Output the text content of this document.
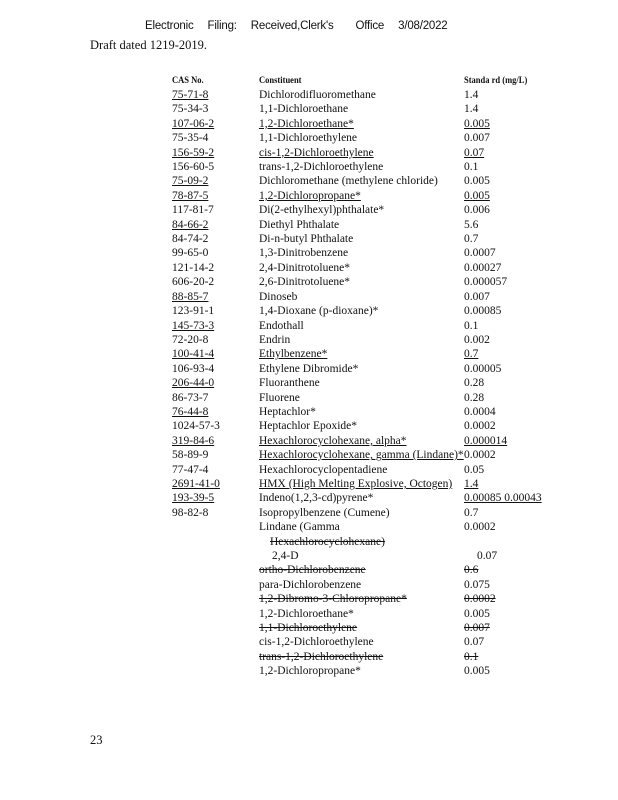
Electronic Filing: Received,Clerk's Office 3/08/2022
Draft dated 1219-2019.
CAS No.	Constituent	Standa rd (mg/L)
75-71-8	Dichlorodifluoromethane	1.4
75-34-3	1,1-Dichloroethane	1.4
107-06-2	1,2-Dichloroethane*	0.005
75-35-4	1,1-Dichloroethylene	0.007
156-59-2	cis-1,2-Dichloroethylene	0.07
156-60-5	trans-1,2-Dichloroethylene	0.1
75-09-2	Dichloromethane (methylene chloride)	0.005
78-87-5	1,2-Dichloropropane*	0.005
117-81-7	Di(2-ethylhexyl)phthalate*	0.006
84-66-2	Diethyl Phthalate	5.6
84-74-2	Di-n-butyl Phthalate	0.7
99-65-0	1,3-Dinitrobenzene	0.0007
121-14-2	2,4-Dinitrotoluene*	0.00027
606-20-2	2,6-Dinitrotoluene*	0.000057
88-85-7	Dinoseb	0.007
123-91-1	1,4-Dioxane (p-dioxane)*	0.00085
145-73-3	Endothall	0.1
72-20-8	Endrin	0.002
100-41-4	Ethylbenzene*	0.7
106-93-4	Ethylene Dibromide*	0.00005
206-44-0	Fluoranthene	0.28
86-73-7	Fluorene	0.28
76-44-8	Heptachlor*	0.0004
1024-57-3	Heptachlor Epoxide*	0.0002
319-84-6	Hexachlorocyclohexane, alpha*	0.000014
58-89-9	Hexachlorocyclohexane, gamma (Lindane)* 0.0002
77-47-4	Hexachlorocyclopentadiene	0.05
2691-41-0	HMX (High Melting Explosive, Octogen)	1.4
193-39-5	Indeno(1,2,3-cd)pyrene*	0.00085 0.00043
98-82-8	Isopropylbenzene (Cumene)	0.7
Lindane (Gamma	0.0002
Hexachlorocyclohexane)
2,4-D	0.07
ortho-Dichlorobenzene	0.6
para-Dichlorobenzene	0.075
1,2-Dibromo-3-Chloropropane*	0.0002
1,2-Dichloroethane*	0.005
1,1-Dichloroethylene	0.007
cis-1,2-Dichloroethylene	0.07
trans-1,2-Dichloroethylene	0.1
1,2-Dichloropropane*	0.005
23
